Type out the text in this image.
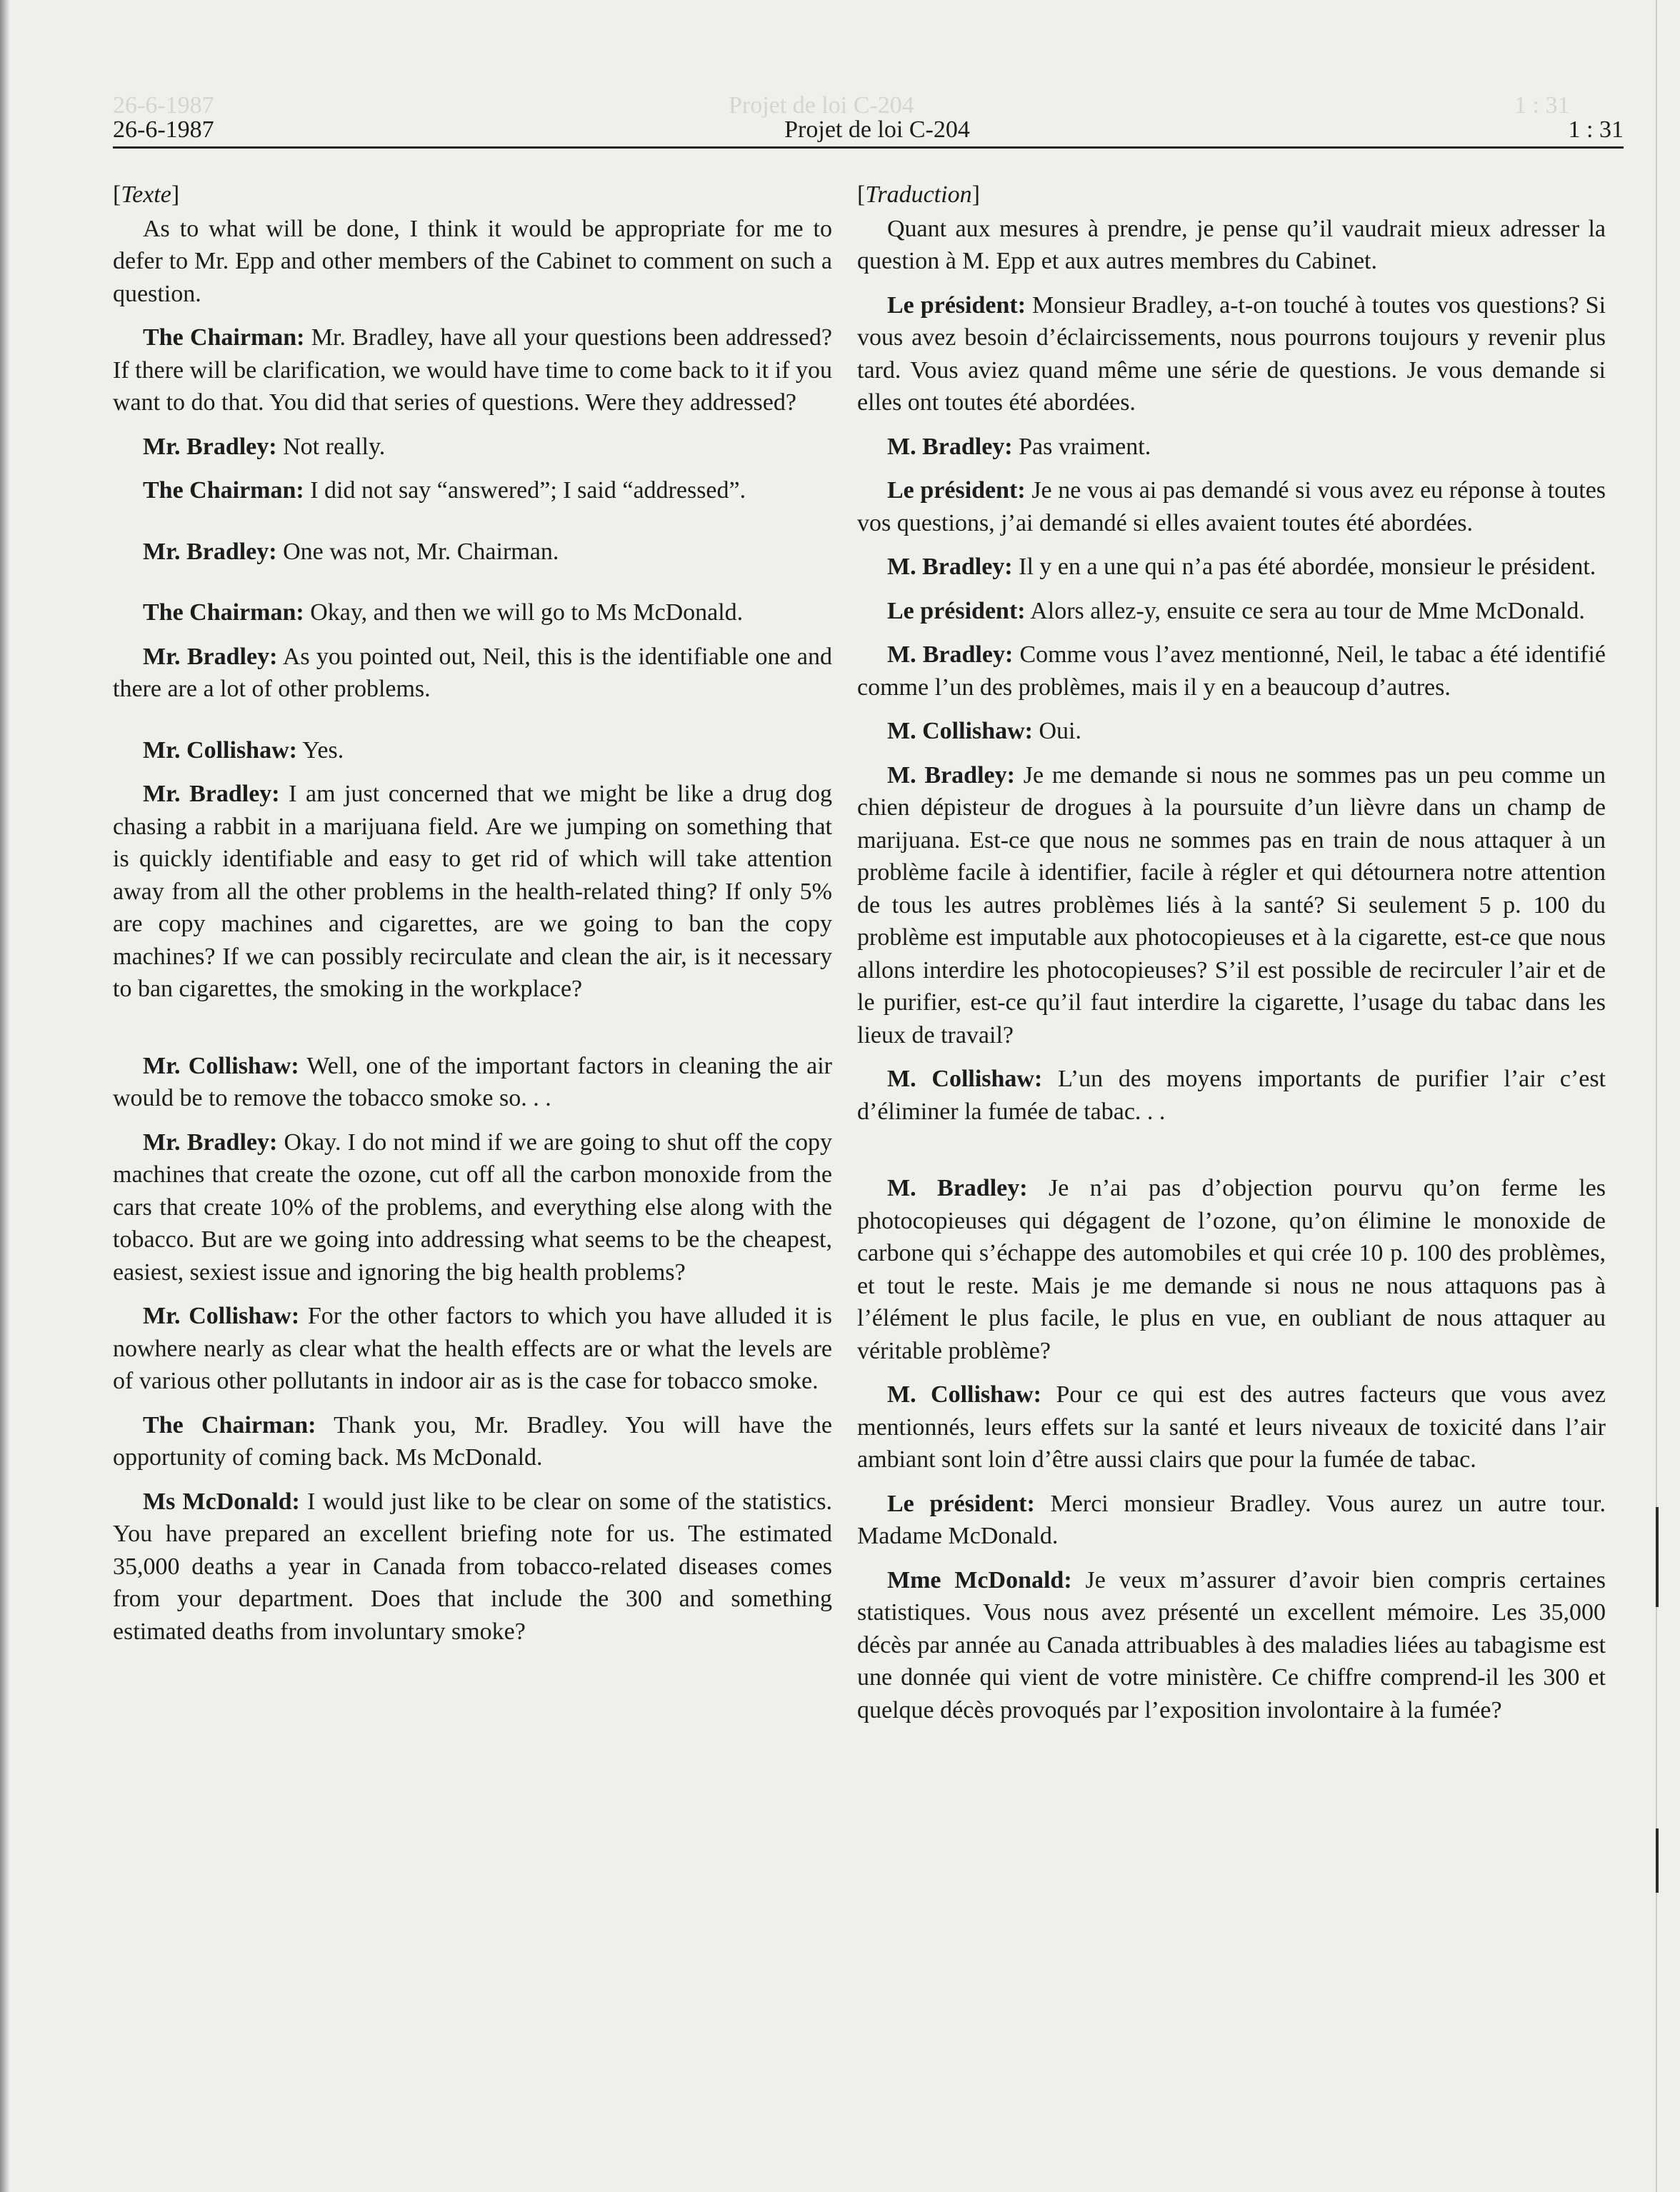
26-6-1987	Projet de loi C-204	1 : 31
26-6-1987	Projet de loi C-204	1 : 31
[Texte]

As to what will be done, I think it would be appropriate for me to defer to Mr. Epp and other members of the Cabinet to comment on such a question.

The Chairman: Mr. Bradley, have all your questions been addressed? If there will be clarification, we would have time to come back to it if you want to do that. You did that series of questions. Were they addressed?

Mr. Bradley: Not really.

The Chairman: I did not say “answered”; I said “addressed”.

Mr. Bradley: One was not, Mr. Chairman.

The Chairman: Okay, and then we will go to Ms McDonald.

Mr. Bradley: As you pointed out, Neil, this is the identifiable one and there are a lot of other problems.

Mr. Collishaw: Yes.

Mr. Bradley: I am just concerned that we might be like a drug dog chasing a rabbit in a marijuana field. Are we jumping on something that is quickly identifiable and easy to get rid of which will take attention away from all the other problems in the health-related thing? If only 5% are copy machines and cigarettes, are we going to ban the copy machines? If we can possibly recirculate and clean the air, is it necessary to ban cigarettes, the smoking in the workplace?

Mr. Collishaw: Well, one of the important factors in cleaning the air would be to remove the tobacco smoke so. . .

Mr. Bradley: Okay. I do not mind if we are going to shut off the copy machines that create the ozone, cut off all the carbon monoxide from the cars that create 10% of the problems, and everything else along with the tobacco. But are we going into addressing what seems to be the cheapest, easiest, sexiest issue and ignoring the big health problems?

Mr. Collishaw: For the other factors to which you have alluded it is nowhere nearly as clear what the health effects are or what the levels are of various other pollutants in indoor air as is the case for tobacco smoke.

The Chairman: Thank you, Mr. Bradley. You will have the opportunity of coming back. Ms McDonald.

Ms McDonald: I would just like to be clear on some of the statistics. You have prepared an excellent briefing note for us. The estimated 35,000 deaths a year in Canada from tobacco-related diseases comes from your department. Does that include the 300 and something estimated deaths from involuntary smoke?

[Traduction]

Quant aux mesures à prendre, je pense qu’il vaudrait mieux adresser la question à M. Epp et aux autres membres du Cabinet.

Le président: Monsieur Bradley, a-t-on touché à toutes vos questions? Si vous avez besoin d’éclaircissements, nous pourrons toujours y revenir plus tard. Vous aviez quand même une série de questions. Je vous demande si elles ont toutes été abordées.

M. Bradley: Pas vraiment.

Le président: Je ne vous ai pas demandé si vous avez eu réponse à toutes vos questions, j’ai demandé si elles avaient toutes été abordées.

M. Bradley: Il y en a une qui n’a pas été abordée, monsieur le président.

Le président: Alors allez-y, ensuite ce sera au tour de Mme McDonald.

M. Bradley: Comme vous l’avez mentionné, Neil, le tabac a été identifié comme l’un des problèmes, mais il y en a beaucoup d’autres.

M. Collishaw: Oui.

M. Bradley: Je me demande si nous ne sommes pas un peu comme un chien dépisteur de drogues à la poursuite d’un lièvre dans un champ de marijuana. Est-ce que nous ne sommes pas en train de nous attaquer à un problème facile à identifier, facile à régler et qui détournera notre attention de tous les autres problèmes liés à la santé? Si seulement 5 p. 100 du problème est imputable aux photocopieuses et à la cigarette, est-ce que nous allons interdire les photocopieuses? S’il est possible de recirculer l’air et de le purifier, est-ce qu’il faut interdire la cigarette, l’usage du tabac dans les lieux de travail?

M. Collishaw: L’un des moyens importants de purifier l’air c’est d’éliminer la fumée de tabac. . .

M. Bradley: Je n’ai pas d’objection pourvu qu’on ferme les photocopieuses qui dégagent de l’ozone, qu’on élimine le monoxide de carbone qui s’échappe des automobiles et qui crée 10 p. 100 des problèmes, et tout le reste. Mais je me demande si nous ne nous attaquons pas à l’élément le plus facile, le plus en vue, en oubliant de nous attaquer au véritable problème?

M. Collishaw: Pour ce qui est des autres facteurs que vous avez mentionnés, leurs effets sur la santé et leurs niveaux de toxicité dans l’air ambiant sont loin d’être aussi clairs que pour la fumée de tabac.

Le président: Merci monsieur Bradley. Vous aurez un autre tour. Madame McDonald.

Mme McDonald: Je veux m’assurer d’avoir bien compris certaines statistiques. Vous nous avez présenté un excellent mémoire. Les 35,000 décès par année au Canada attribuables à des maladies liées au tabagisme est une donnée qui vient de votre ministère. Ce chiffre comprend-il les 300 et quelque décès provoqués par l’exposition involontaire à la fumée?
